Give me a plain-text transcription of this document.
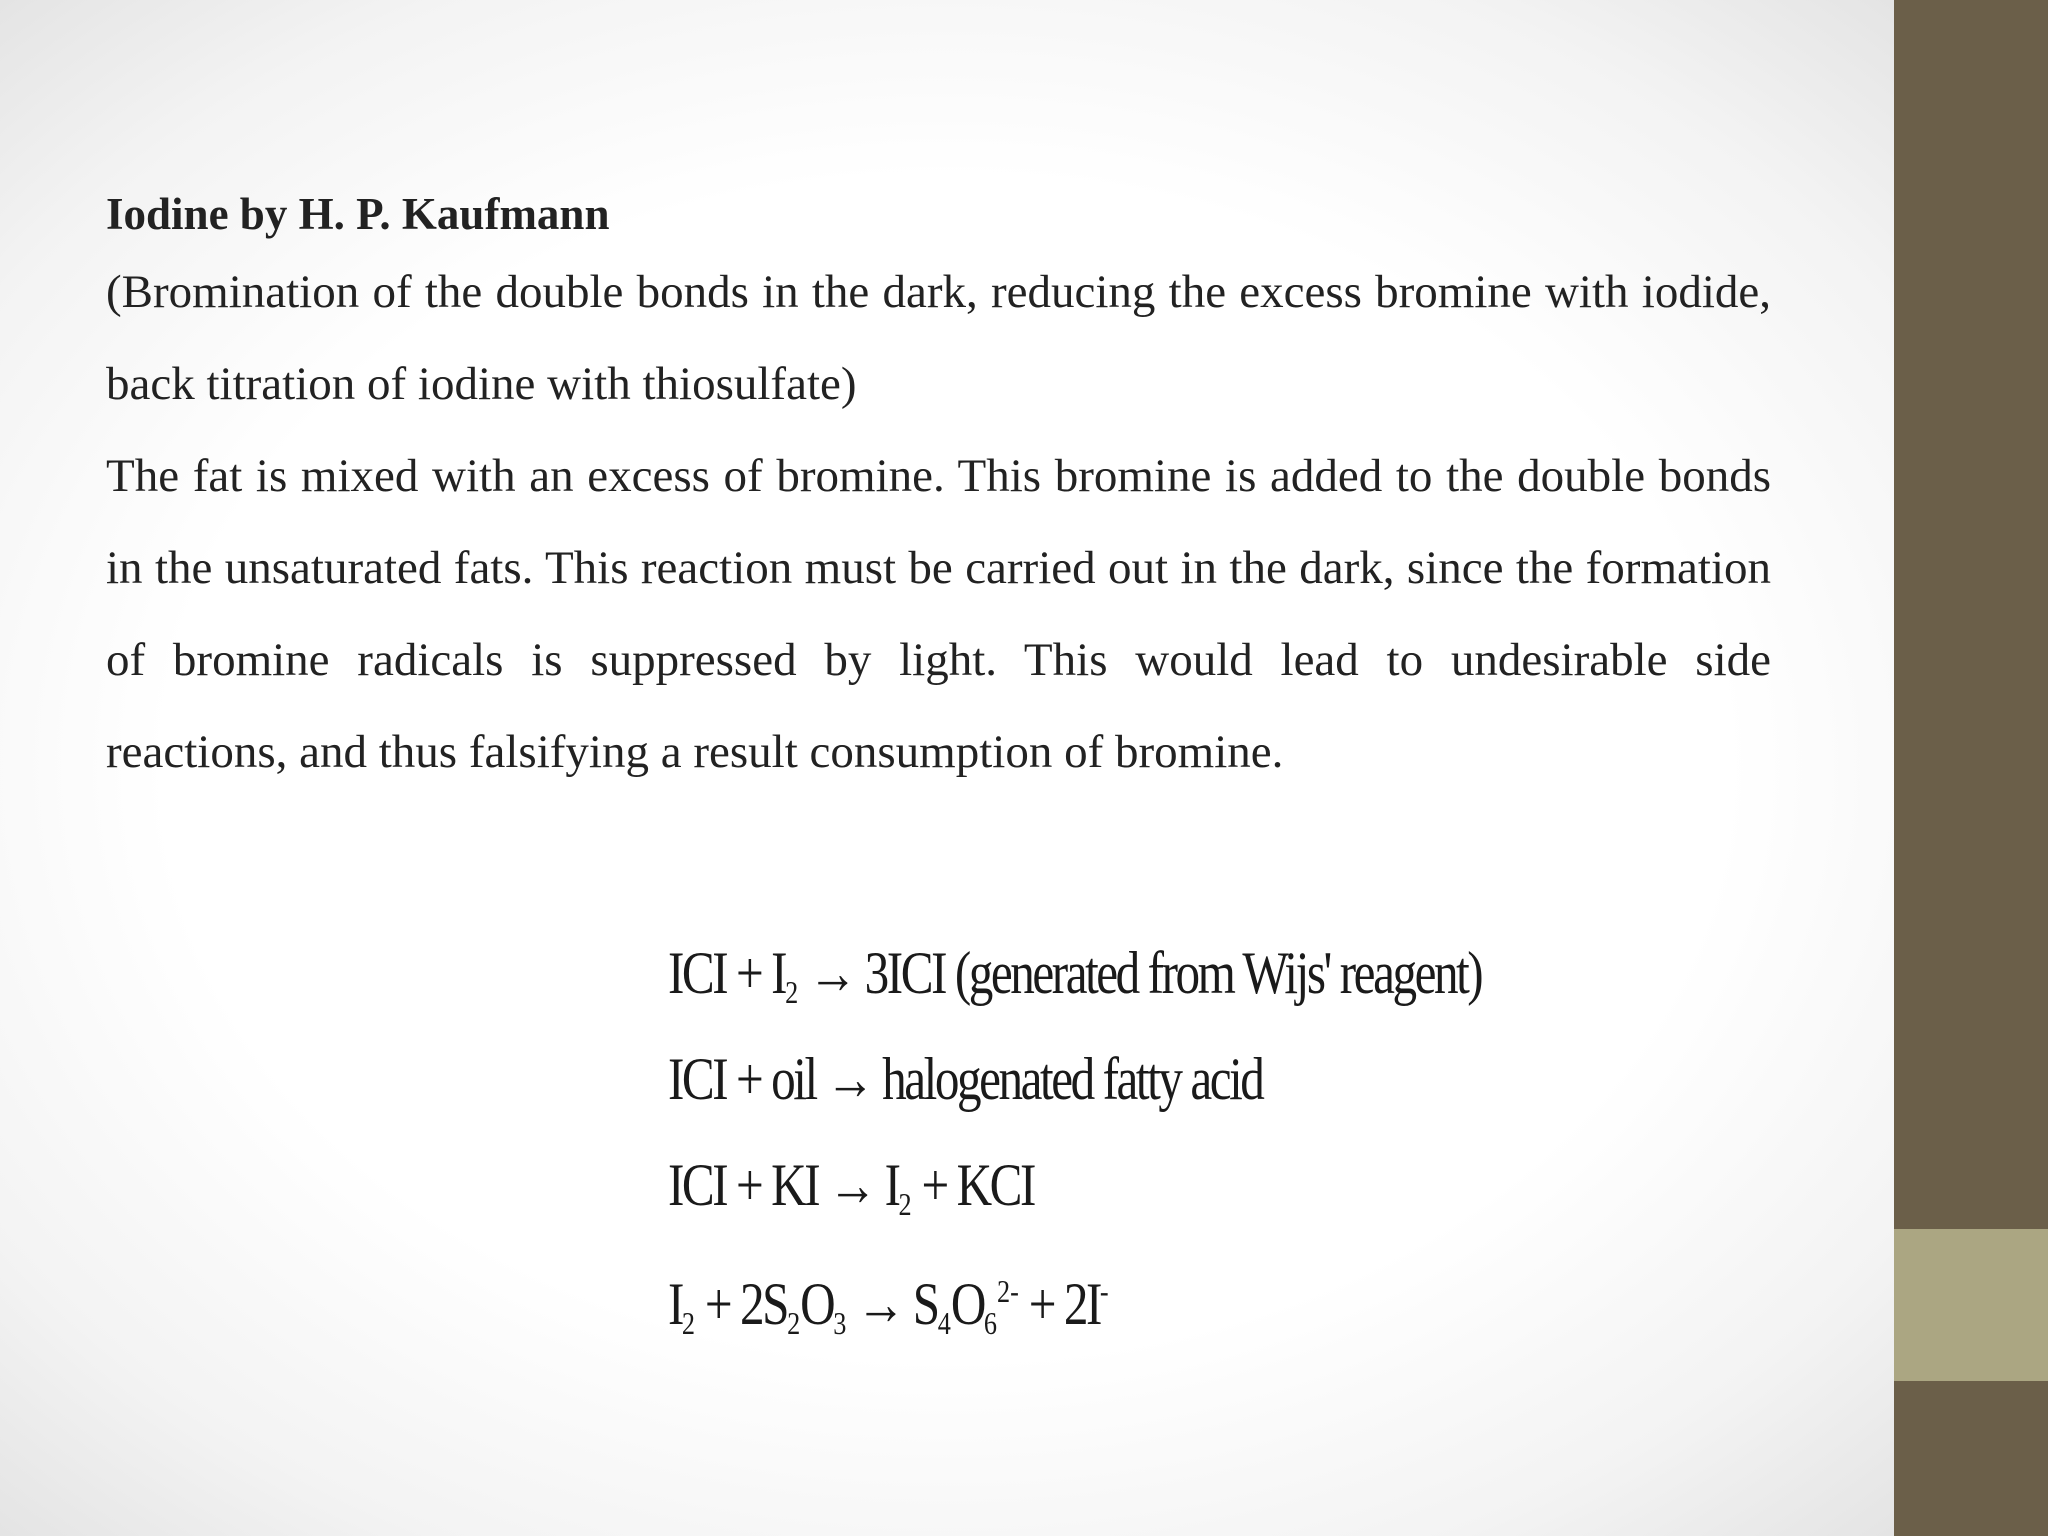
Iodine by H. P. Kaufmann

(Bromination of the double bonds in the dark, reducing the excess bromine with iodide, back titration of iodine with thiosulfate)

The fat is mixed with an excess of bromine. This bromine is added to the double bonds in the unsaturated fats. This reaction must be carried out in the dark, since the formation of bromine radicals is suppressed by light. This would lead to undesirable side reactions, and thus falsifying a result consumption of bromine.

ICI + $I_2 \to 3ICI$ (generated from Wijs' reagent)
ICI + oil → halogenated fatty acid
ICI + KI → $I_2$ + KCI
$I_2 + 2S_2O_3 \to S_4O_6^{2-} + 2I^-$
